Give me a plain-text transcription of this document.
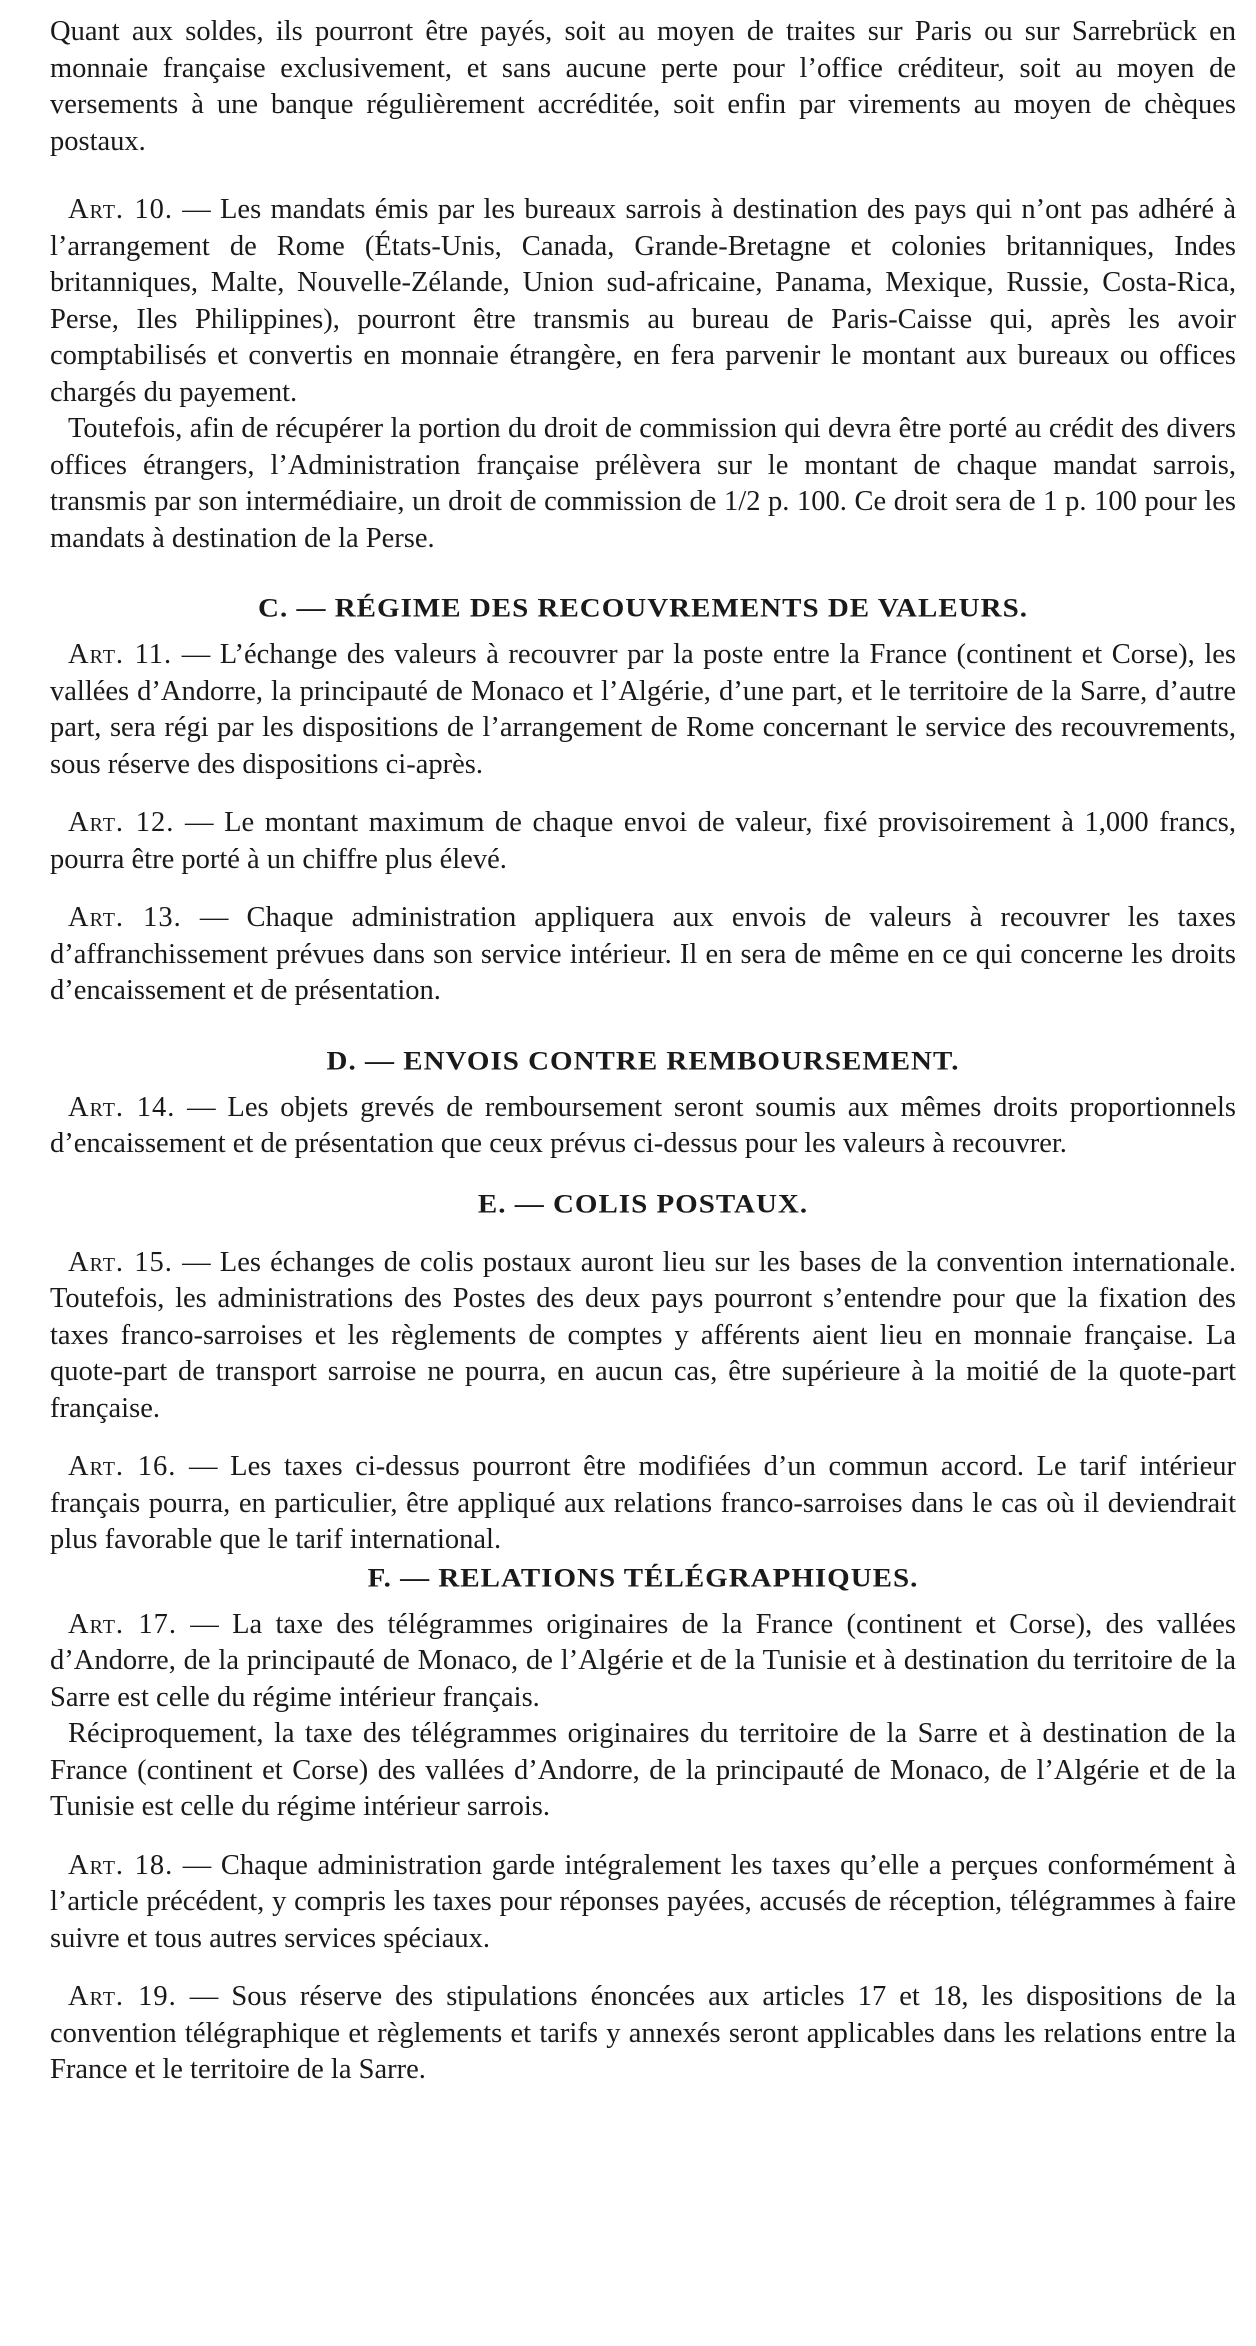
Quant aux soldes, ils pourront être payés, soit au moyen de traites sur Paris ou sur Sarrebrück en monnaie française exclusivement, et sans aucune perte pour l’office créditeur, soit au moyen de versements à une banque régulièrement accréditée, soit enfin par virements au moyen de chèques postaux.

Art. 10. — Les mandats émis par les bureaux sarrois à destination des pays qui n’ont pas adhéré à l’arrangement de Rome (États-Unis, Canada, Grande-Bretagne et colonies britanniques, Indes britanniques, Malte, Nouvelle-Zélande, Union sud-africaine, Panama, Mexique, Russie, Costa-Rica, Perse, Iles Philippines), pourront être transmis au bureau de Paris-Caisse qui, après les avoir comptabilisés et convertis en monnaie étrangère, en fera parvenir le montant aux bureaux ou offices chargés du payement.

Toutefois, afin de récupérer la portion du droit de commission qui devra être porté au crédit des divers offices étrangers, l’Administration française prélèvera sur le montant de chaque mandat sarrois, transmis par son intermédiaire, un droit de commission de 1/2 p. 100. Ce droit sera de 1 p. 100 pour les mandats à destination de la Perse.

C. — RÉGIME DES RECOUVREMENTS DE VALEURS.

Art. 11. — L’échange des valeurs à recouvrer par la poste entre la France (continent et Corse), les vallées d’Andorre, la principauté de Monaco et l’Algérie, d’une part, et le territoire de la Sarre, d’autre part, sera régi par les dispositions de l’arrangement de Rome concernant le service des recouvrements, sous réserve des dispositions ci-après.

Art. 12. — Le montant maximum de chaque envoi de valeur, fixé provisoirement à 1,000 francs, pourra être porté à un chiffre plus élevé.

Art. 13. — Chaque administration appliquera aux envois de valeurs à recouvrer les taxes d’affranchissement prévues dans son service intérieur. Il en sera de même en ce qui concerne les droits d’encaissement et de présentation.

D. — ENVOIS CONTRE REMBOURSEMENT.

Art. 14. — Les objets grevés de remboursement seront soumis aux mêmes droits proportionnels d’encaissement et de présentation que ceux prévus ci-dessus pour les valeurs à recouvrer.

E. — COLIS POSTAUX.

Art. 15. — Les échanges de colis postaux auront lieu sur les bases de la convention internationale. Toutefois, les administrations des Postes des deux pays pourront s’entendre pour que la fixation des taxes franco-sarroises et les règlements de comptes y afférents aient lieu en monnaie française. La quote-part de transport sarroise ne pourra, en aucun cas, être supérieure à la moitié de la quote-part française.

Art. 16. — Les taxes ci-dessus pourront être modifiées d’un commun accord. Le tarif intérieur français pourra, en particulier, être appliqué aux relations franco-sarroises dans le cas où il deviendrait plus favorable que le tarif international.

F. — RELATIONS TÉLÉGRAPHIQUES.

Art. 17. — La taxe des télégrammes originaires de la France (continent et Corse), des vallées d’Andorre, de la principauté de Monaco, de l’Algérie et de la Tunisie et à destination du territoire de la Sarre est celle du régime intérieur français.

Réciproquement, la taxe des télégrammes originaires du territoire de la Sarre et à destination de la France (continent et Corse) des vallées d’Andorre, de la principauté de Monaco, de l’Algérie et de la Tunisie est celle du régime intérieur sarrois.

Art. 18. — Chaque administration garde intégralement les taxes qu’elle a perçues conformément à l’article précédent, y compris les taxes pour réponses payées, accusés de réception, télégrammes à faire suivre et tous autres services spéciaux.

Art. 19. — Sous réserve des stipulations énoncées aux articles 17 et 18, les dispositions de la convention télégraphique et règlements et tarifs y annexés seront applicables dans les relations entre la France et le territoire de la Sarre.
